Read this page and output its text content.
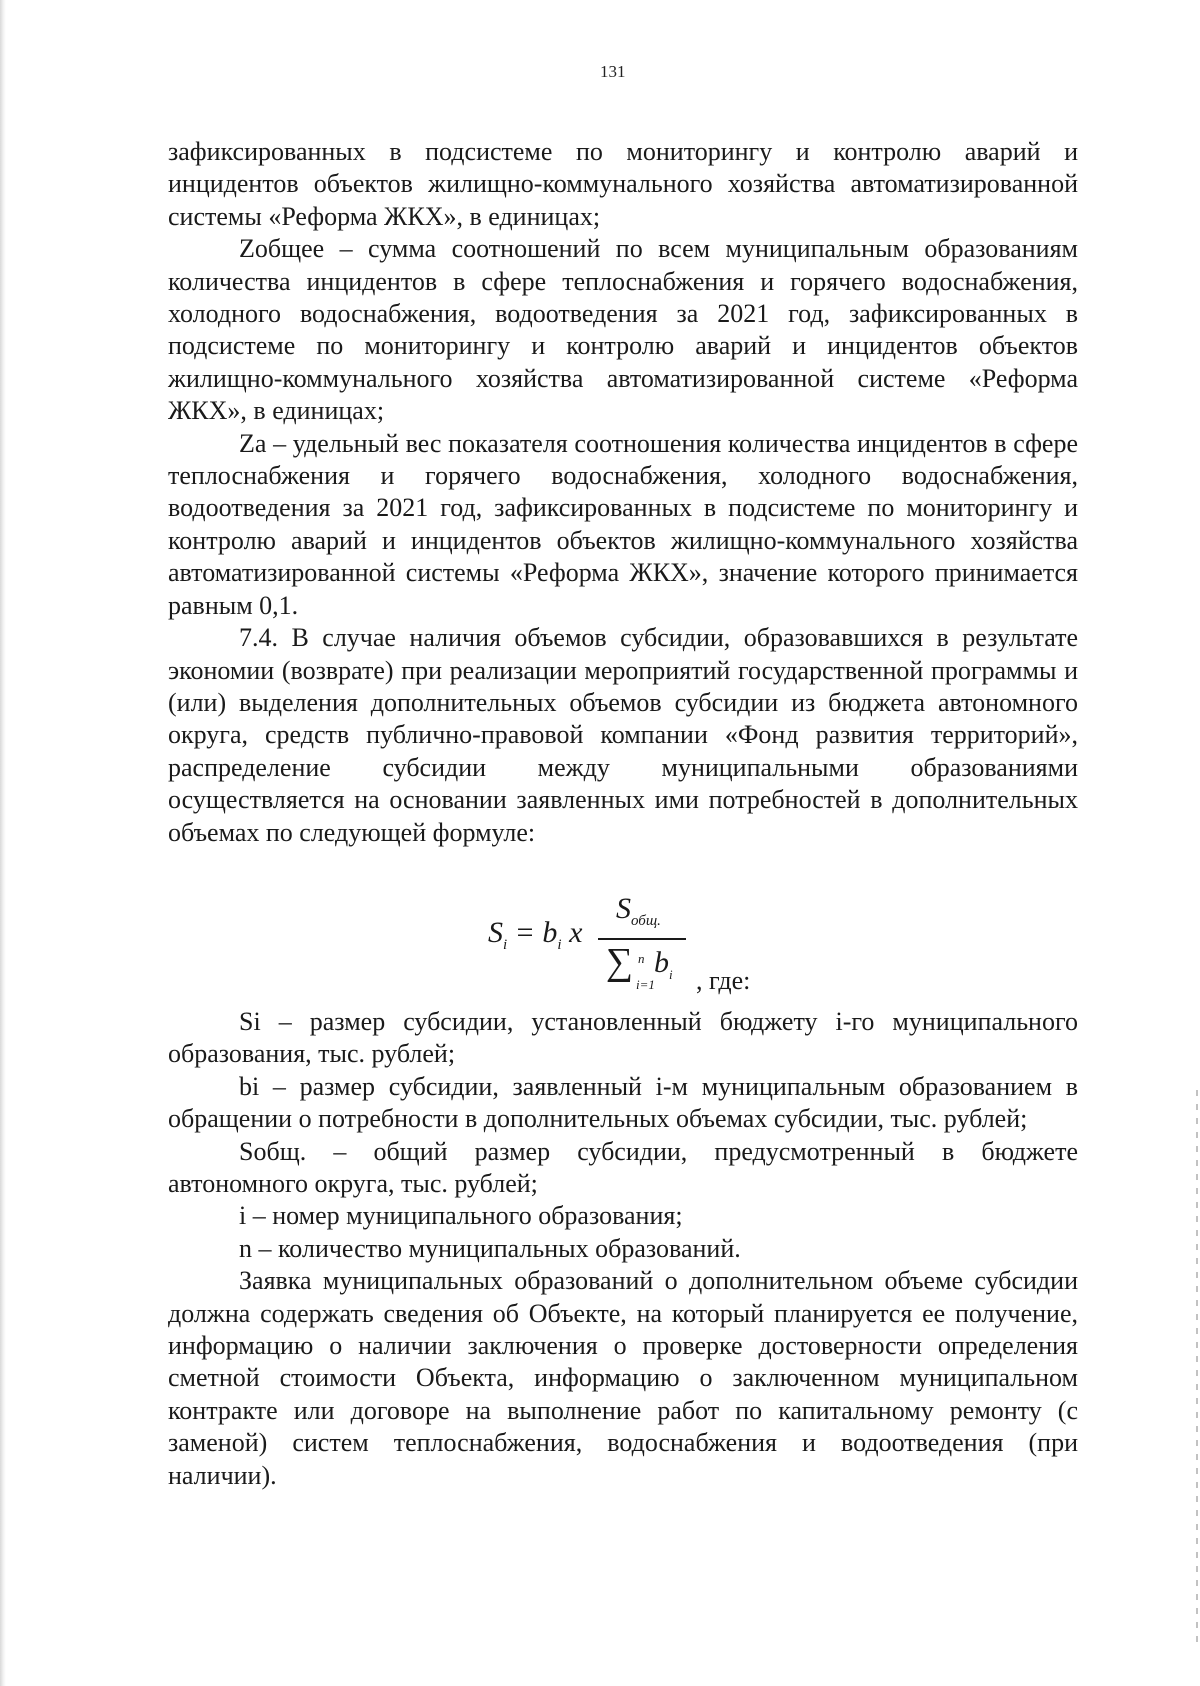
131

зафиксированных в подсистеме по мониторингу и контролю аварий и инцидентов объектов жилищно-коммунального хозяйства автоматизированной системы «Реформа ЖКХ», в единицах;

Zобщее – сумма соотношений по всем муниципальным образованиям количества инцидентов в сфере теплоснабжения и горячего водоснабжения, холодного водоснабжения, водоотведения за 2021 год, зафиксированных в подсистеме по мониторингу и контролю аварий и инцидентов объектов жилищно-коммунального хозяйства автоматизированной системе «Реформа ЖКХ», в единицах;

Za – удельный вес показателя соотношения количества инцидентов в сфере теплоснабжения и горячего водоснабжения, холодного водоснабжения, водоотведения за 2021 год, зафиксированных в подсистеме по мониторингу и контролю аварий и инцидентов объектов жилищно-коммунального хозяйства автоматизированной системы «Реформа ЖКХ», значение которого принимается равным 0,1.

7.4. В случае наличия объемов субсидии, образовавшихся в результате экономии (возврате) при реализации мероприятий государственной программы и (или) выделения дополнительных объемов субсидии из бюджета автономного округа, средств публично-правовой компании «Фонд развития территорий», распределение субсидии между муниципальными образованиями осуществляется на основании заявленных ими потребностей в дополнительных объемах по следующей формуле:

$S_i = b_i$ x
$S_{общ.}$
∑ n
i=1
$b_i$ , где:

Si – размер субсидии, установленный бюджету i-го муниципального образования, тыс. рублей;

bi – размер субсидии, заявленный i-м муниципальным образованием в обращении о потребности в дополнительных объемах субсидии, тыс. рублей;

Sобщ. – общий размер субсидии, предусмотренный в бюджете автономного округа, тыс. рублей;

i – номер муниципального образования;

n – количество муниципальных образований.

Заявка муниципальных образований о дополнительном объеме субсидии должна содержать сведения об Объекте, на который планируется ее получение, информацию о наличии заключения о проверке достоверности определения сметной стоимости Объекта, информацию о заключенном муниципальном контракте или договоре на выполнение работ по капитальному ремонту (с заменой) систем теплоснабжения, водоснабжения и водоотведения (при наличии).
